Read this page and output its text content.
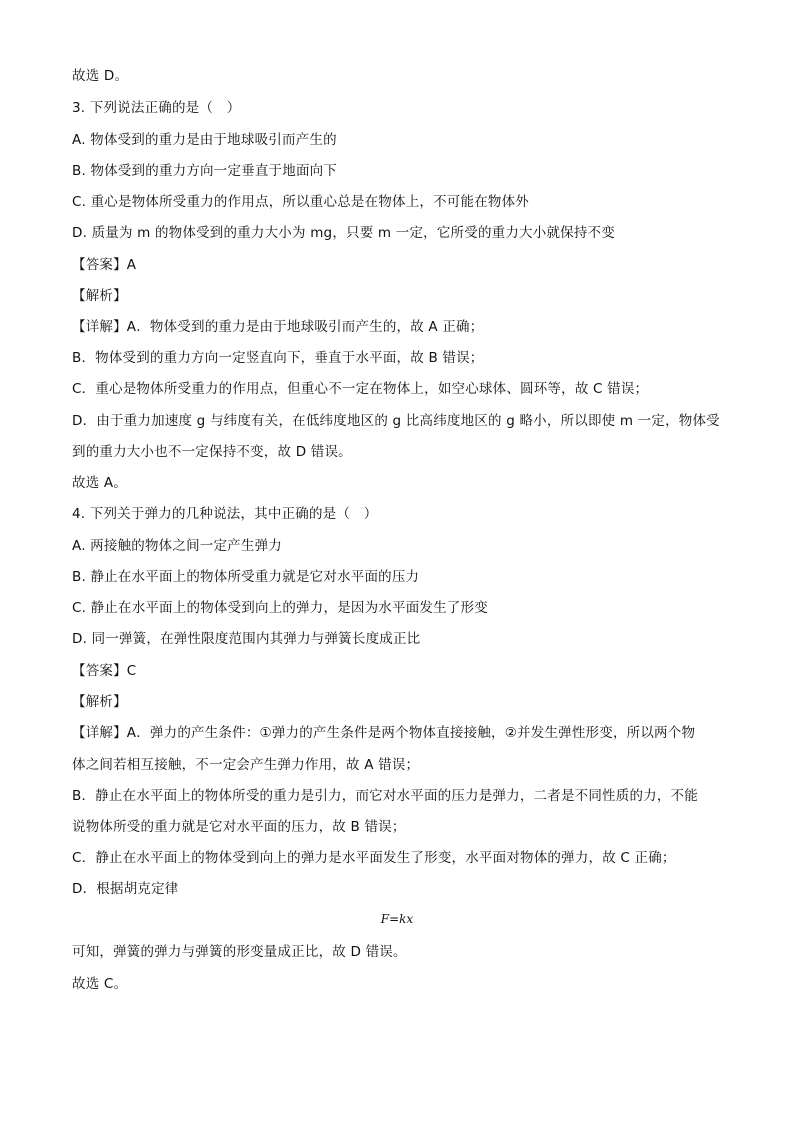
故选 D。
3. 下列说法正确的是（　）
A. 物体受到的重力是由于地球吸引而产生的
B. 物体受到的重力方向一定垂直于地面向下
C. 重心是物体所受重力的作用点，所以重心总是在物体上，不可能在物体外
D. 质量为 m 的物体受到的重力大小为 mg，只要 m 一定，它所受的重力大小就保持不变
【答案】A
【解析】
【详解】A．物体受到的重力是由于地球吸引而产生的，故 A 正确；
B．物体受到的重力方向一定竖直向下，垂直于水平面，故 B 错误；
C．重心是物体所受重力的作用点，但重心不一定在物体上，如空心球体、圆环等，故 C 错误；
D．由于重力加速度 g 与纬度有关，在低纬度地区的 g 比高纬度地区的 g 略小，所以即使 m 一定，物体受
到的重力大小也不一定保持不变，故 D 错误。
故选 A。
4. 下列关于弹力的几种说法，其中正确的是（　）
A. 两接触的物体之间一定产生弹力
B. 静止在水平面上的物体所受重力就是它对水平面的压力
C. 静止在水平面上的物体受到向上的弹力，是因为水平面发生了形变
D. 同一弹簧，在弹性限度范围内其弹力与弹簧长度成正比
【答案】C
【解析】
【详解】A．弹力的产生条件：①弹力的产生条件是两个物体直接接触，②并发生弹性形变，所以两个物
体之间若相互接触，不一定会产生弹力作用，故 A 错误；
B．静止在水平面上的物体所受的重力是引力，而它对水平面的压力是弹力，二者是不同性质的力，不能
说物体所受的重力就是它对水平面的压力，故 B 错误；
C．静止在水平面上的物体受到向上的弹力是水平面发生了形变，水平面对物体的弹力，故 C 正确；
D．根据胡克定律
F=kx
可知，弹簧的弹力与弹簧的形变量成正比，故 D 错误。
故选 C。
